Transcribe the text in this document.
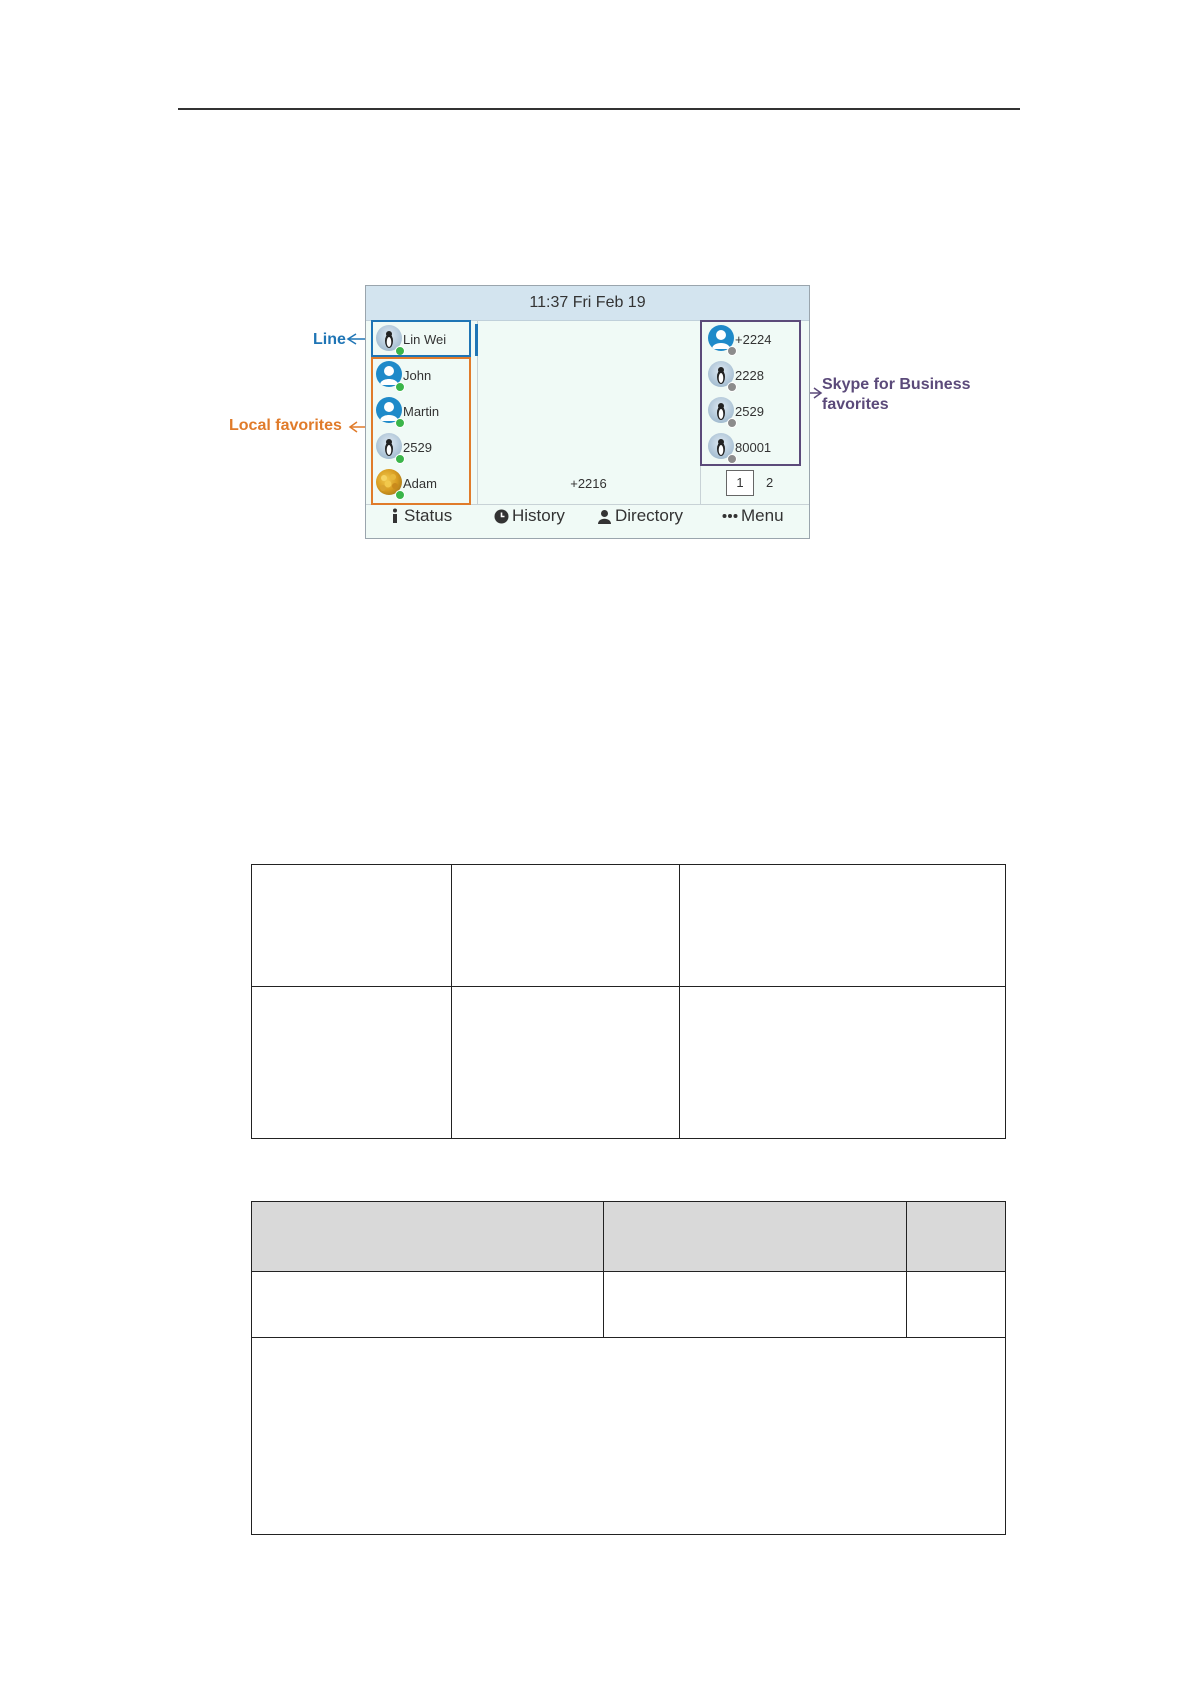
Line
Local favorites
Skype for Business
favorites
11:37 Fri Feb 19
Lin Wei
John
Martin
2529
Adam	+2216
+2224
2228
2529
80001
1	2
Status	History	Directory	Menu
